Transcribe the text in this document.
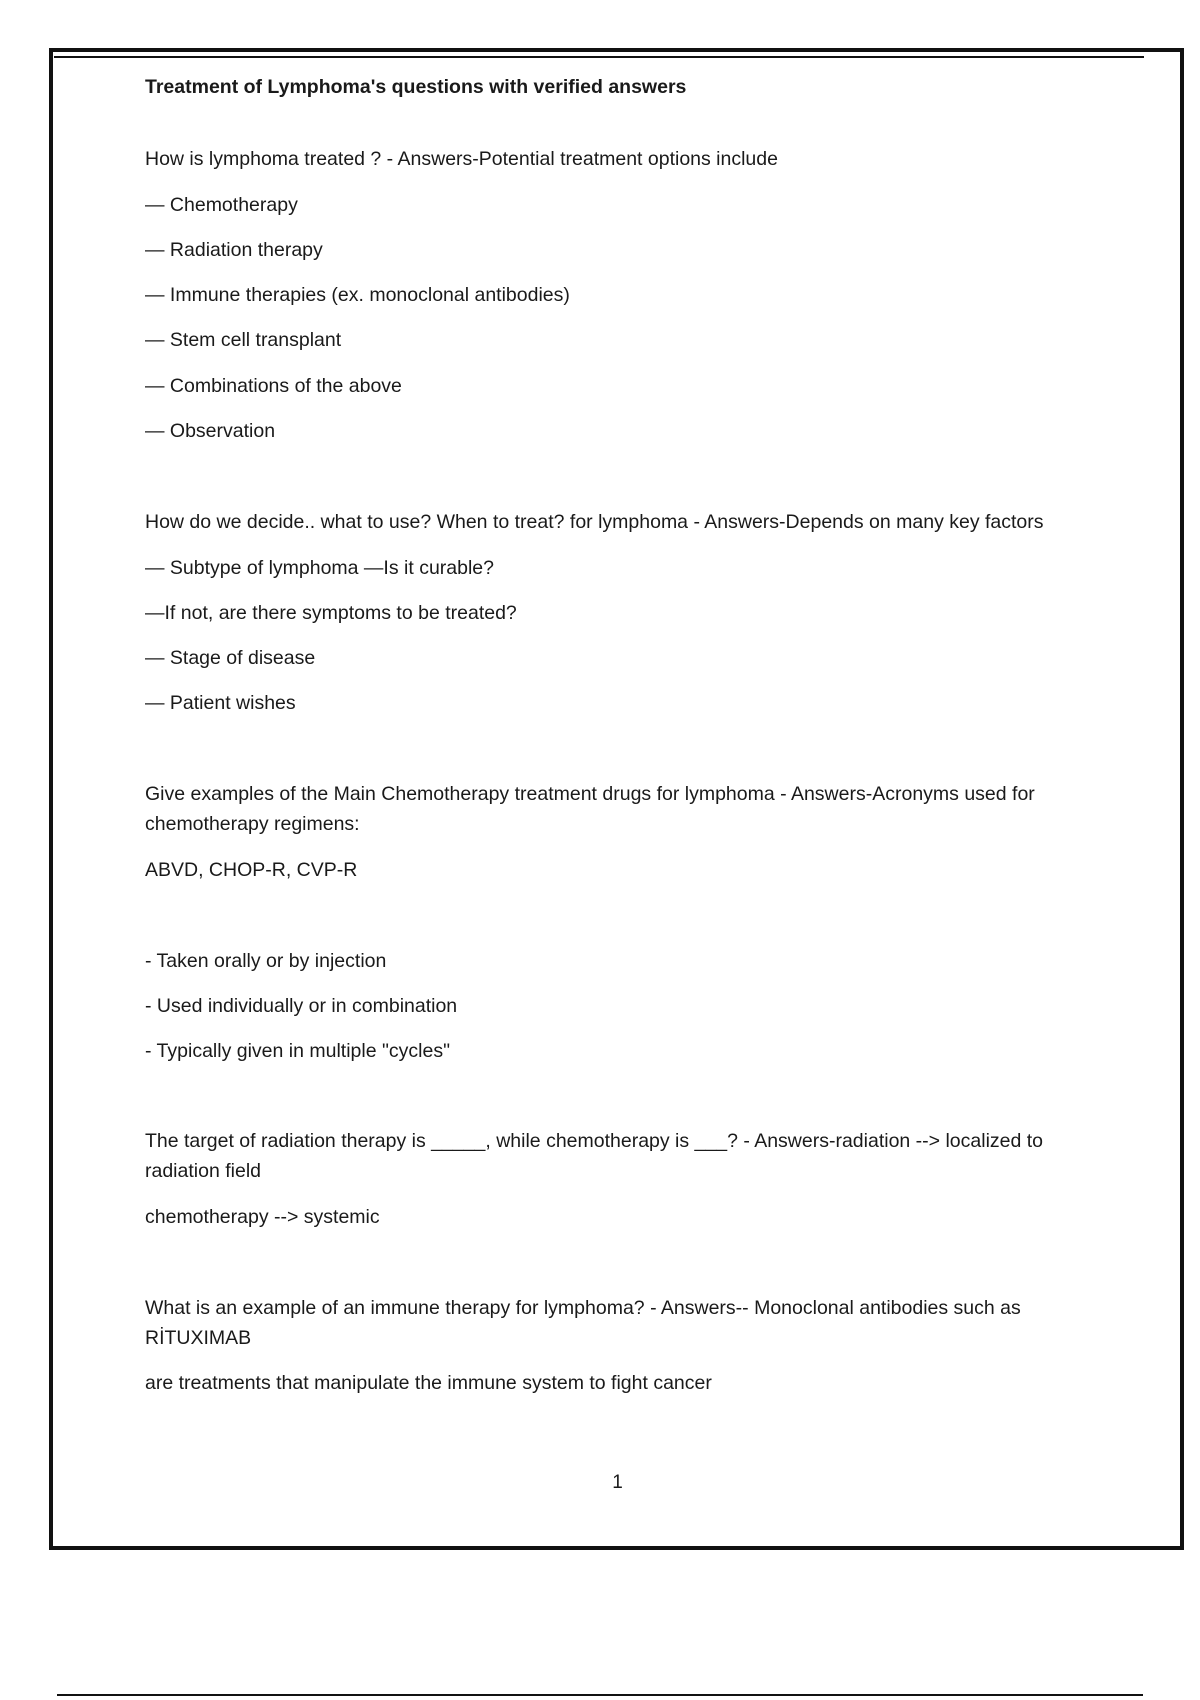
Treatment of Lymphoma's questions with verified answers

How is lymphoma treated ? - Answers-Potential treatment options include
— Chemotherapy
— Radiation therapy
— Immune therapies (ex. monoclonal antibodies)
— Stem cell transplant
— Combinations of the above
— Observation
How do we decide.. what to use? When to treat? for lymphoma - Answers-Depends on many key factors
— Subtype of lymphoma —Is it curable?
—If not, are there symptoms to be treated?
— Stage of disease
— Patient wishes
Give examples of the Main Chemotherapy treatment drugs for lymphoma - Answers-Acronyms used for chemotherapy regimens:
ABVD, CHOP-R, CVP-R
- Taken orally or by injection
- Used individually or in combination
- Typically given in multiple "cycles"
The target of radiation therapy is _____, while chemotherapy is ___? - Answers-radiation --> localized to radiation field
chemotherapy --> systemic
What is an example of an immune therapy for lymphoma? - Answers-- Monoclonal antibodies such as RİTUXIMAB
are treatments that manipulate the immune system to fight cancer
1
